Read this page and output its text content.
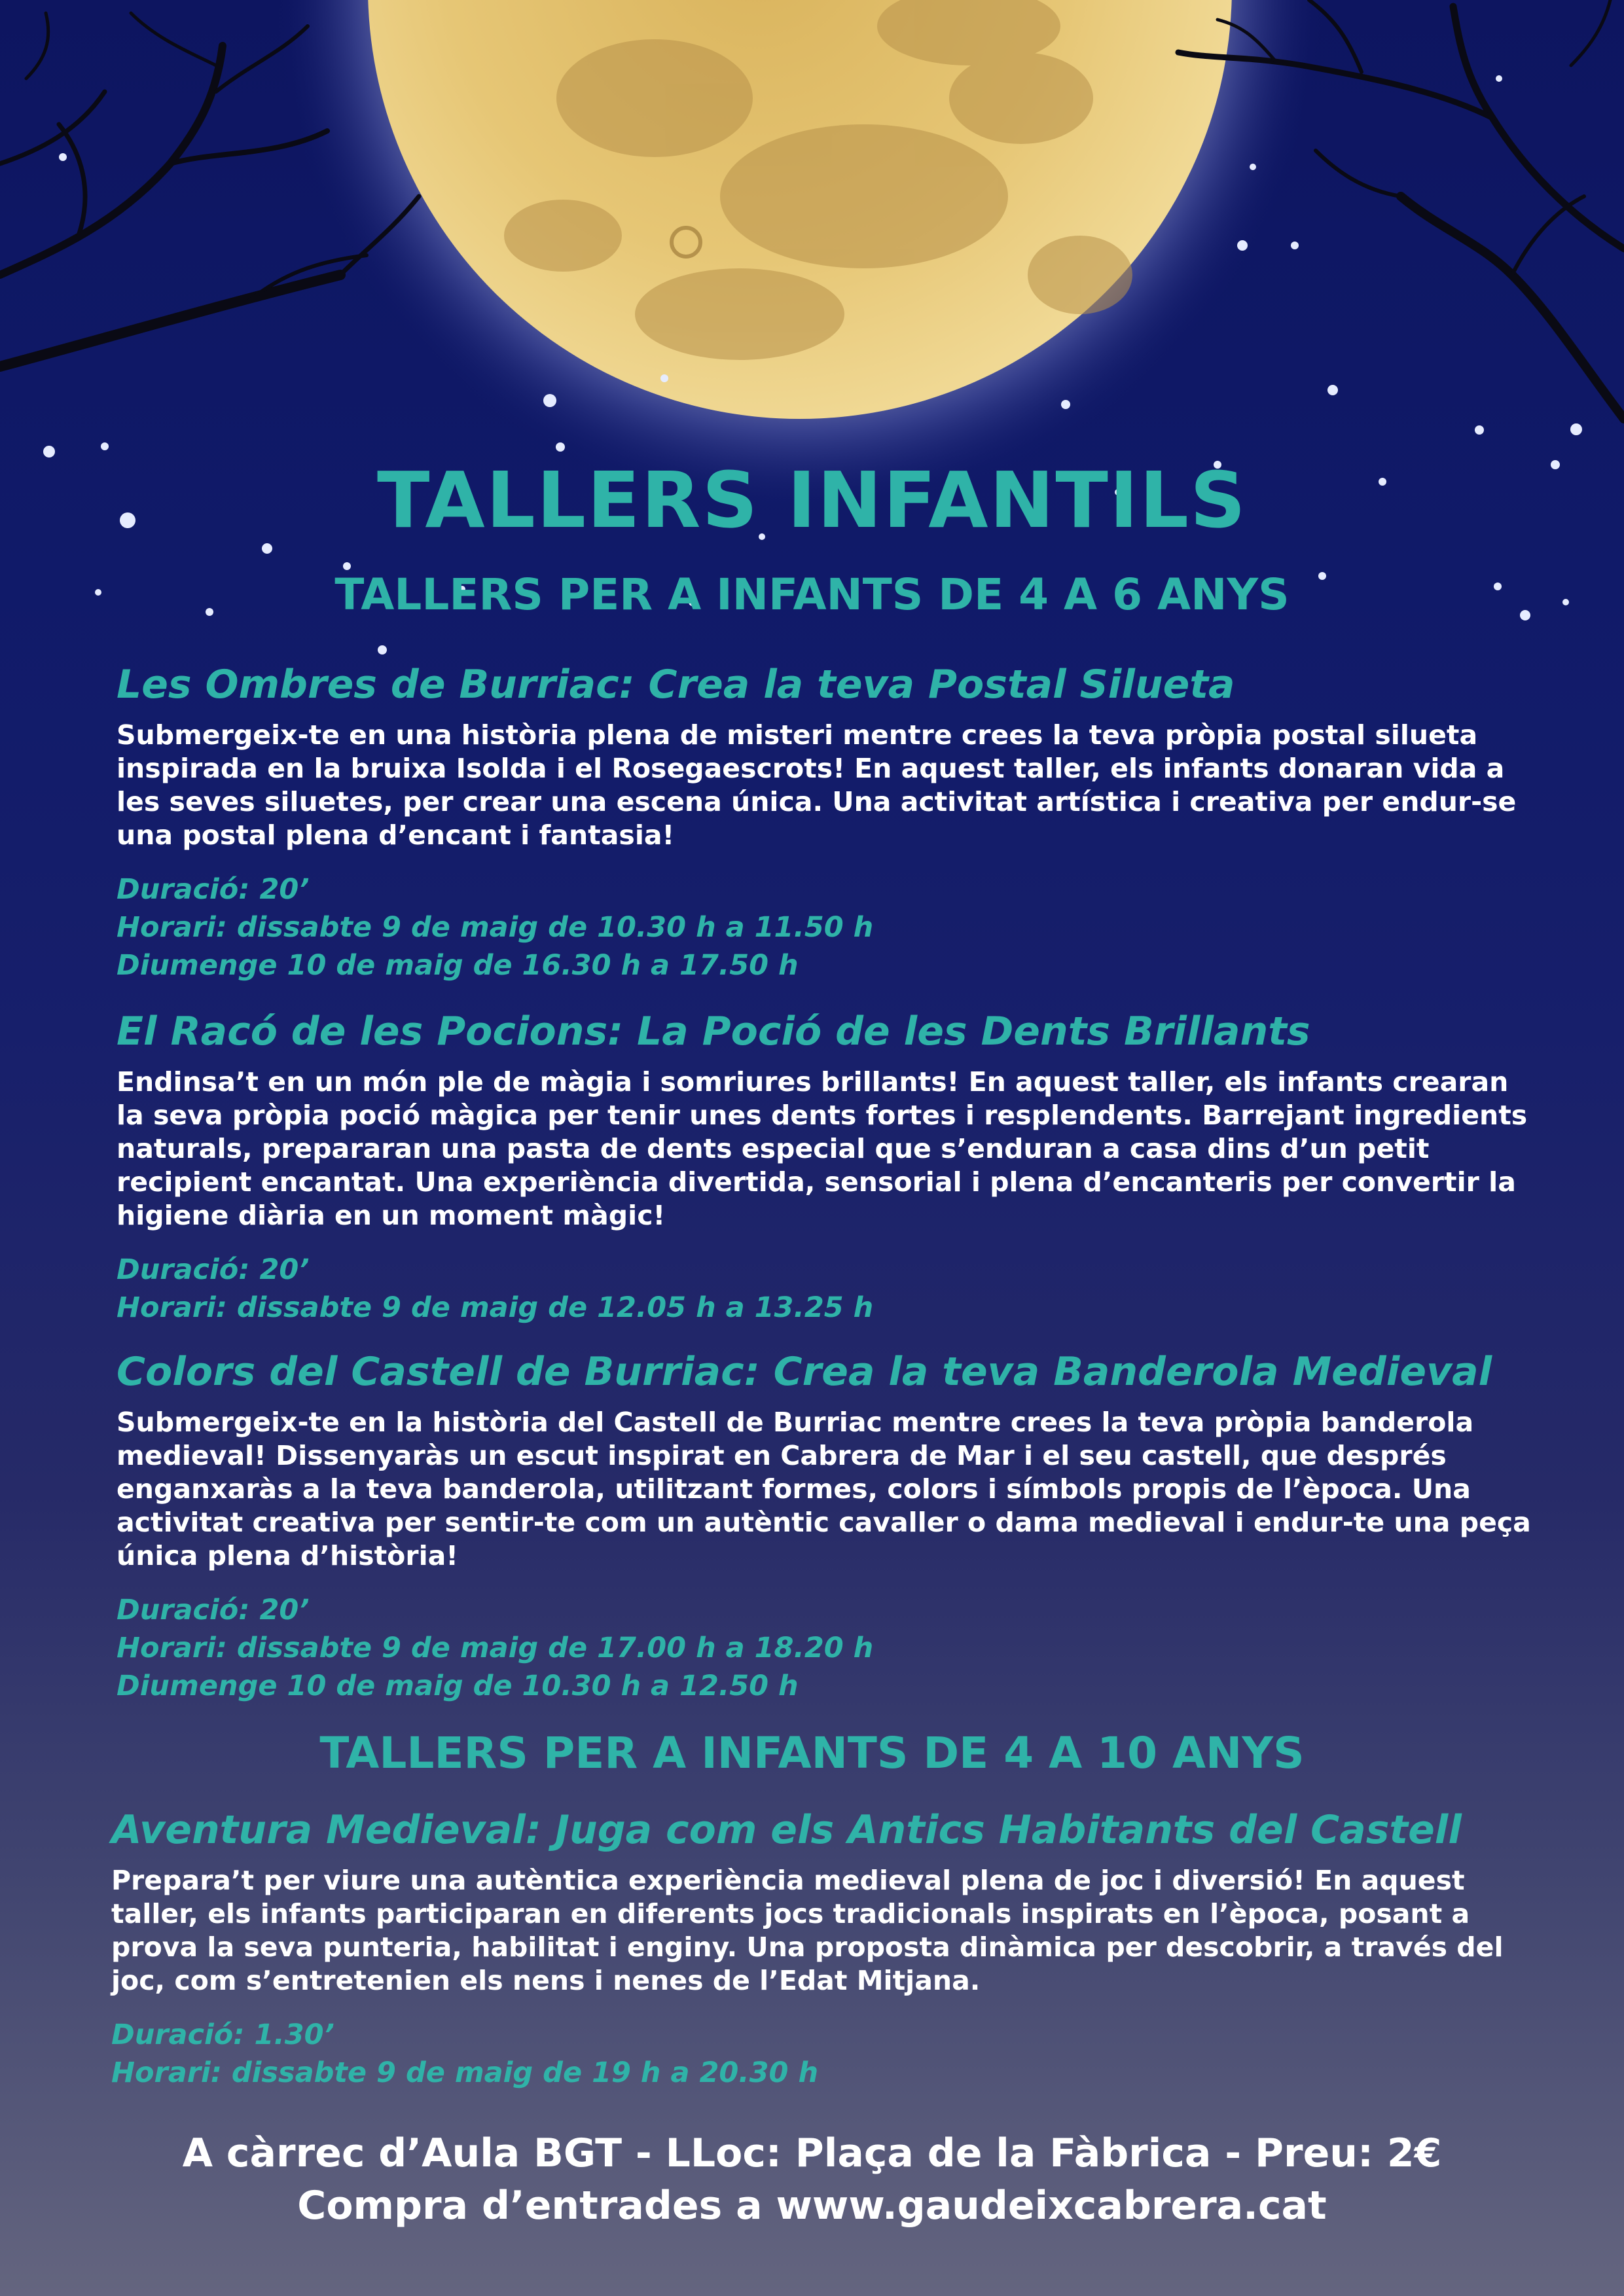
TALLERS INFANTILS
TALLERS PER A INFANTS DE 4 A 6 ANYS
Les Ombres de Burriac: Crea la teva Postal Silueta

Submergeix-te en una història plena de misteri mentre crees la teva pròpia postal silueta inspirada en la bruixa Isolda i el Rosegaescrots! En aquest taller, els infants donaran vida a les seves siluetes, per crear una escena única. Una activitat artística i creativa per endur-se una postal plena d’encant i fantasia!

Duració: 20’
Horari: dissabte 9 de maig de 10.30 h a 11.50 h
Diumenge 10 de maig de 16.30 h a 17.50 h
El Racó de les Pocions: La Poció de les Dents Brillants

Endinsa’t en un món ple de màgia i somriures brillants! En aquest taller, els infants crearan la seva pròpia poció màgica per tenir unes dents fortes i resplendents. Barrejant ingredients naturals, prepararan una pasta de dents especial que s’enduran a casa dins d’un petit recipient encantat. Una experiència divertida, sensorial i plena d’encanteris per convertir la higiene diària en un moment màgic!

Duració: 20’
Horari: dissabte 9 de maig de 12.05 h a 13.25 h
Colors del Castell de Burriac: Crea la teva Banderola Medieval

Submergeix-te en la història del Castell de Burriac mentre crees la teva pròpia banderola medieval! Dissenyaràs un escut inspirat en Cabrera de Mar i el seu castell, que després enganxaràs a la teva banderola, utilitzant formes, colors i símbols propis de l’època. Una activitat creativa per sentir-te com un autèntic cavaller o dama medieval i endur-te una peça única plena d’història!

Duració: 20’
Horari: dissabte 9 de maig de 17.00 h a 18.20 h
Diumenge 10 de maig de 10.30 h a 12.50 h
TALLERS PER A INFANTS DE 4 A 10 ANYS
Aventura Medieval: Juga com els Antics Habitants del Castell

Prepara’t per viure una autèntica experiència medieval plena de joc i diversió! En aquest taller, els infants participaran en diferents jocs tradicionals inspirats en l’època, posant a prova la seva punteria, habilitat i enginy. Una proposta dinàmica per descobrir, a través del joc, com s’entretenien els nens i nenes de l’Edat Mitjana.

Duració: 1.30’
Horari: dissabte 9 de maig de 19 h a 20.30 h

A càrrec d’Aula BGT - LLoc: Plaça de la Fàbrica - Preu: 2€

Compra d’entrades a www.gaudeixcabrera.cat
